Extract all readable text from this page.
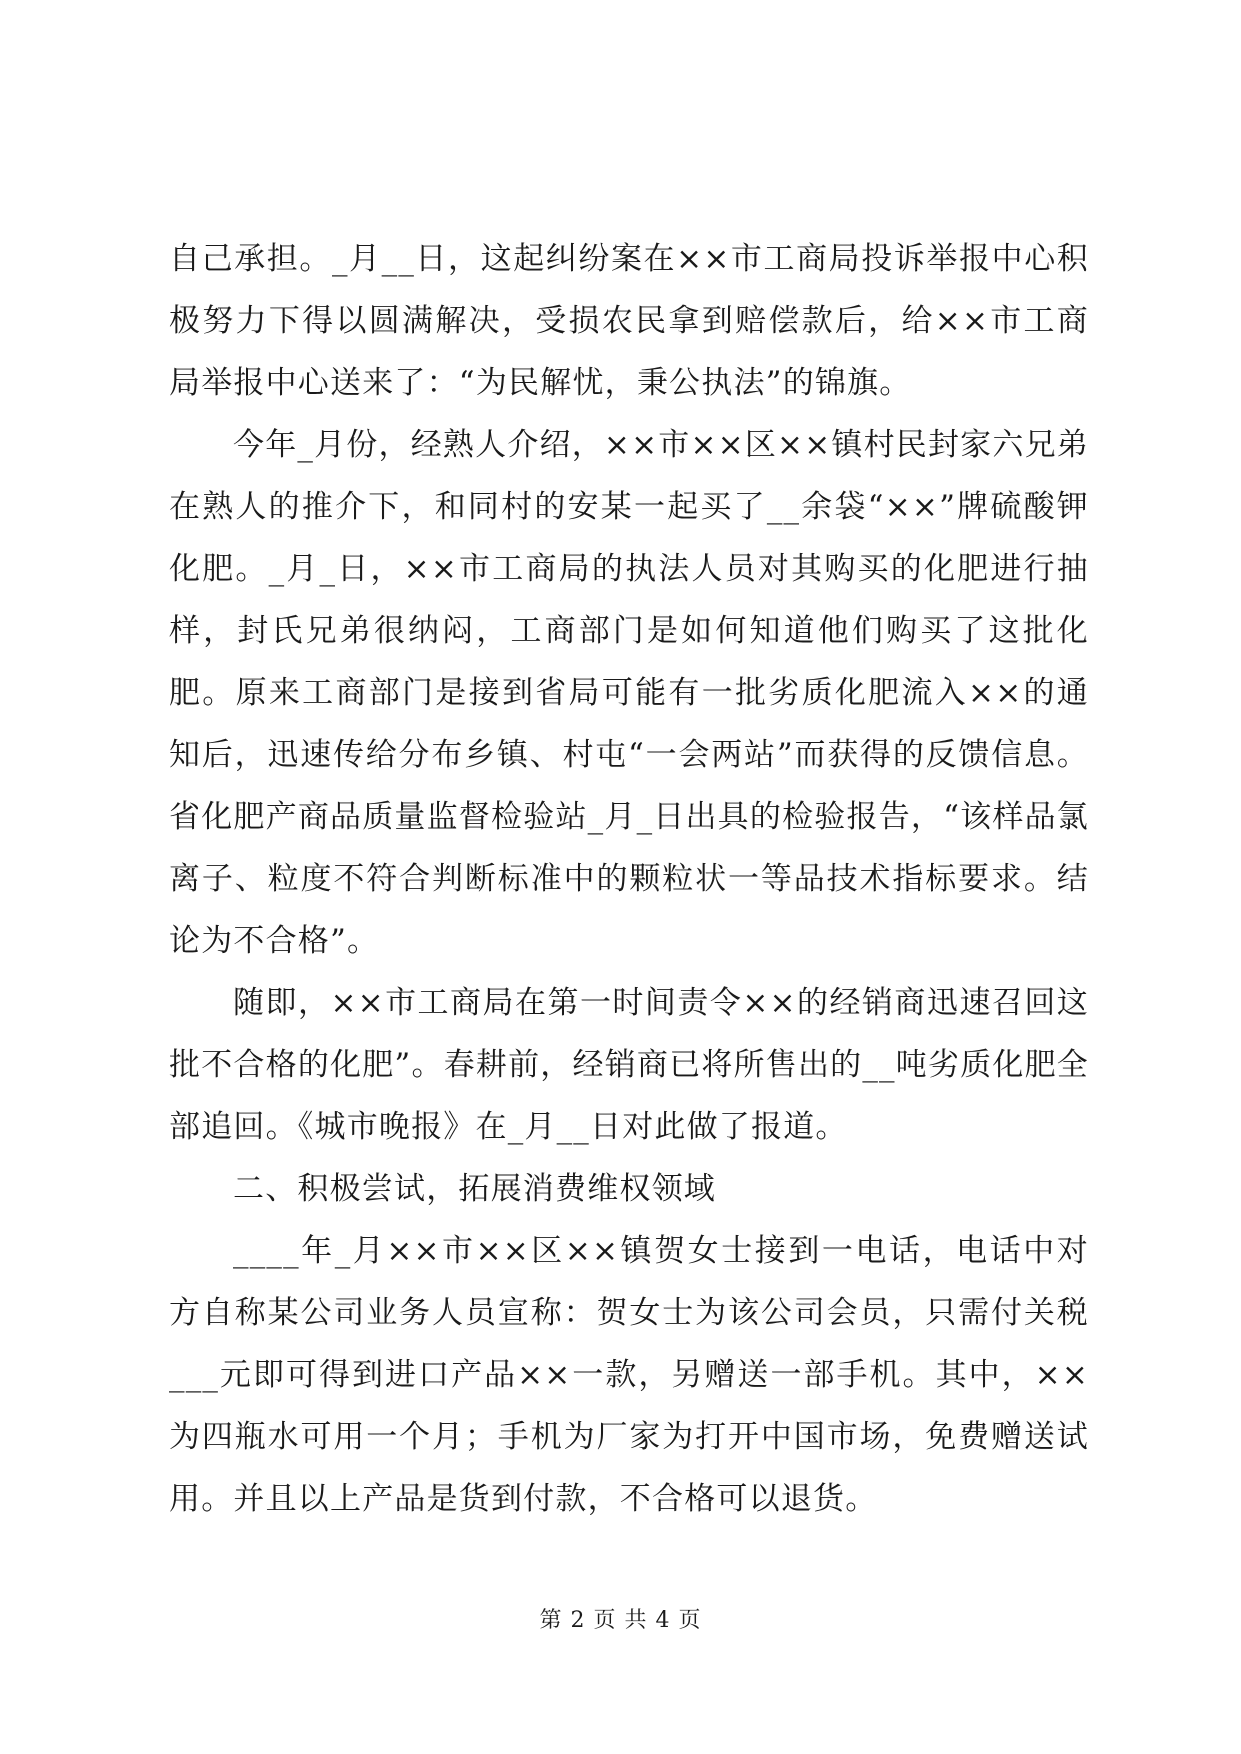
自己承担。_月__日，这起纠纷案在××市工商局投诉举报中心积极努力下得以圆满解决，受损农民拿到赔偿款后，给××市工商局举报中心送来了：“为民解忧，秉公执法”的锦旗。

今年_月份，经熟人介绍，××市××区××镇村民封家六兄弟在熟人的推介下，和同村的安某一起买了__余袋“××”牌硫酸钾化肥。_月_日，××市工商局的执法人员对其购买的化肥进行抽样，封氏兄弟很纳闷，工商部门是如何知道他们购买了这批化肥。原来工商部门是接到省局可能有一批劣质化肥流入××的通知后，迅速传给分布乡镇、村屯“一会两站”而获得的反馈信息。省化肥产商品质量监督检验站_月_日出具的检验报告，“该样品氯离子、粒度不符合判断标准中的颗粒状一等品技术指标要求。结论为不合格”。

随即，××市工商局在第一时间责令××的经销商迅速召回这批不合格的化肥”。春耕前，经销商已将所售出的__吨劣质化肥全部追回。《城市晚报》在_月__日对此做了报道。

二、积极尝试，拓展消费维权领域

____年_月××市××区××镇贺女士接到一电话，电话中对方自称某公司业务人员宣称：贺女士为该公司会员，只需付关税___元即可得到进口产品××一款，另赠送一部手机。其中，××为四瓶水可用一个月；手机为厂家为打开中国市场，免费赠送试用。并且以上产品是货到付款，不合格可以退货。

第 2 页 共 4 页
